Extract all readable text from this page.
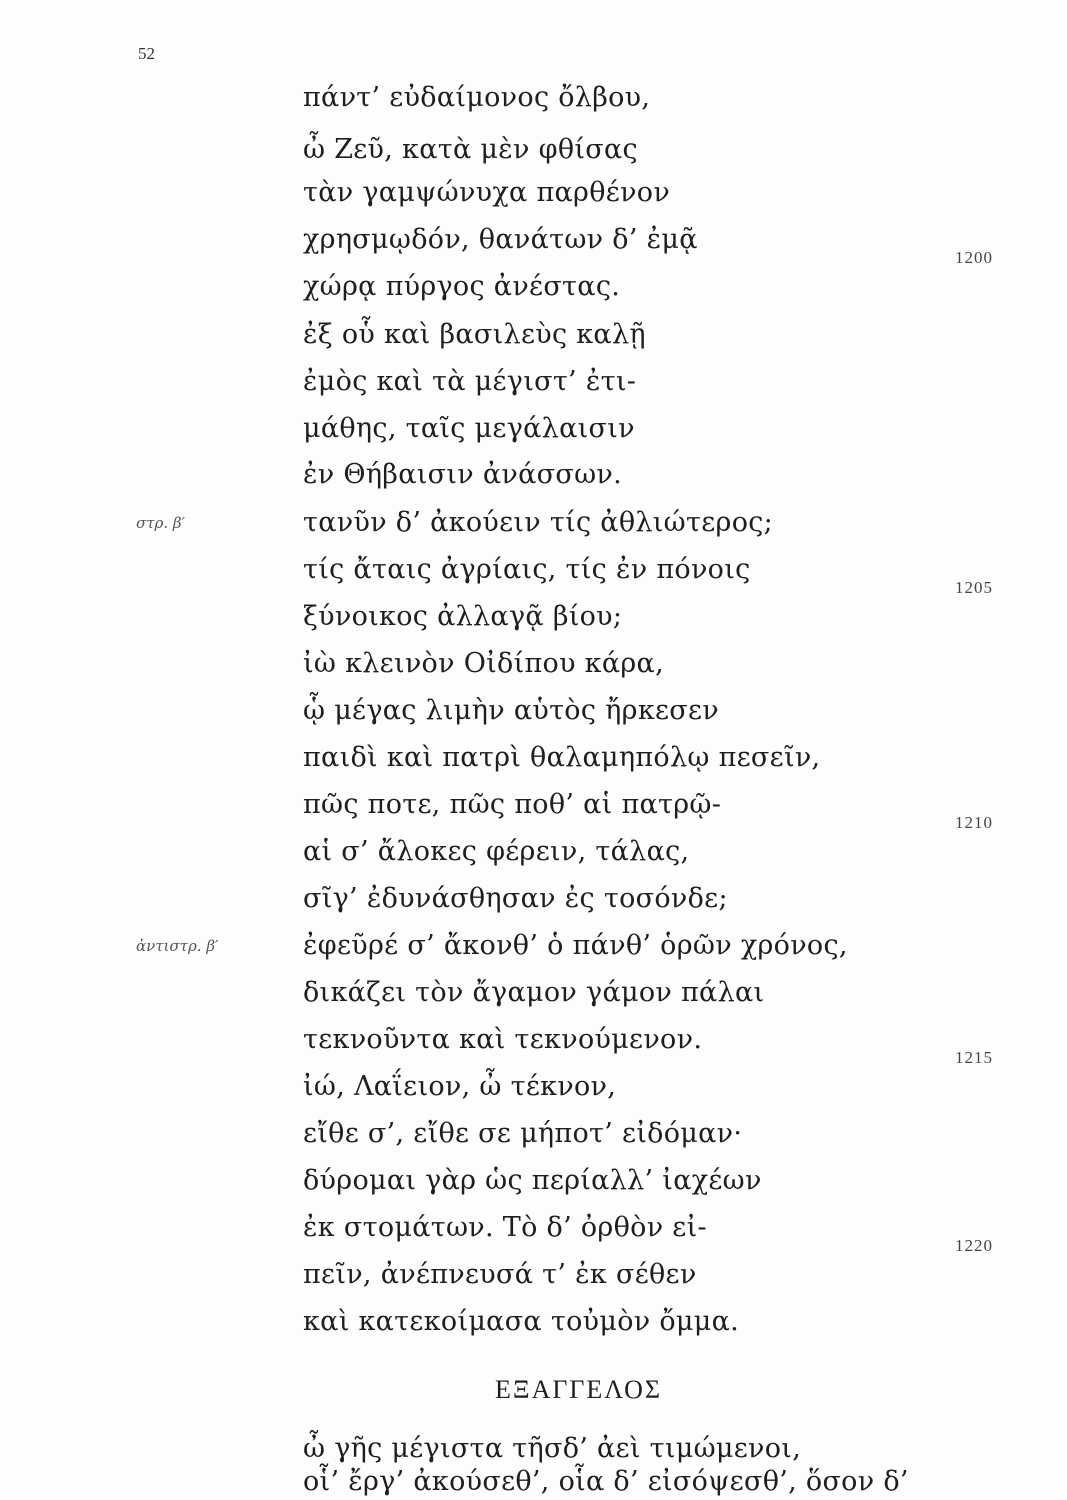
52
πάντ’ εὐδαίμονος ὄλβου,
ὦ Ζεῦ, κατὰ μὲν φθίσας
τὰν γαμψώνυχα παρθένον
χρησμῳδόν, θανάτων δ’ ἐμᾷ
χώρᾳ πύργος ἀνέστας.
ἐξ οὗ καὶ βασιλεὺς καλῇ
ἐμὸς καὶ τὰ μέγιστ’ ἐτι-
μάθης, ταῖς μεγάλαισιν
ἐν Θήβαισιν ἀνάσσων.
τανῦν δ’ ἀκούειν τίς ἀθλιώτερος;
τίς ἄταις ἀγρίαις, τίς ἐν πόνοις
ξύνοικος ἀλλαγᾷ βίου;
ἰὼ κλεινὸν Οἰδίπου κάρα,
ᾧ μέγας λιμὴν αὑτὸς ἤρκεσεν
παιδὶ καὶ πατρὶ θαλαμηπόλῳ πεσεῖν,
πῶς ποτε, πῶς ποθ’ αἱ πατρῷ-
αἱ σ’ ἄλοκες φέρειν, τάλας,
σῖγ’ ἐδυνάσθησαν ἐς τοσόνδε;
ἐφεῦρέ σ’ ἄκονθ’ ὁ πάνθ’ ὁρῶν χρόνος,
δικάζει τὸν ἄγαμον γάμον πάλαι
τεκνοῦντα καὶ τεκνούμενον.
ἰώ, Λαΐειον, ὦ τέκνον,
εἴθε σ’, εἴθε σε μήποτ’ εἰδόμαν·
δύρομαι γὰρ ὡς περίαλλ’ ἰαχέων
ἐκ στομάτων. Τὸ δ’ ὀρθὸν εἰ-
πεῖν, ἀνέπνευσά τ’ ἐκ σέθεν
καὶ κατεκοίμασα τοὐμὸν ὄμμα.
1200
1205
1210
1215
1220
στρ. β′
ἀντιστρ. β′
ΕΞΑΓΓΕΛΟΣ
ὦ γῆς μέγιστα τῆσδ’ ἀεὶ τιμώμενοι,
οἷ’ ἔργ’ ἀκούσεθ’, οἷα δ’ εἰσόψεσθ’, ὅσον δ’
